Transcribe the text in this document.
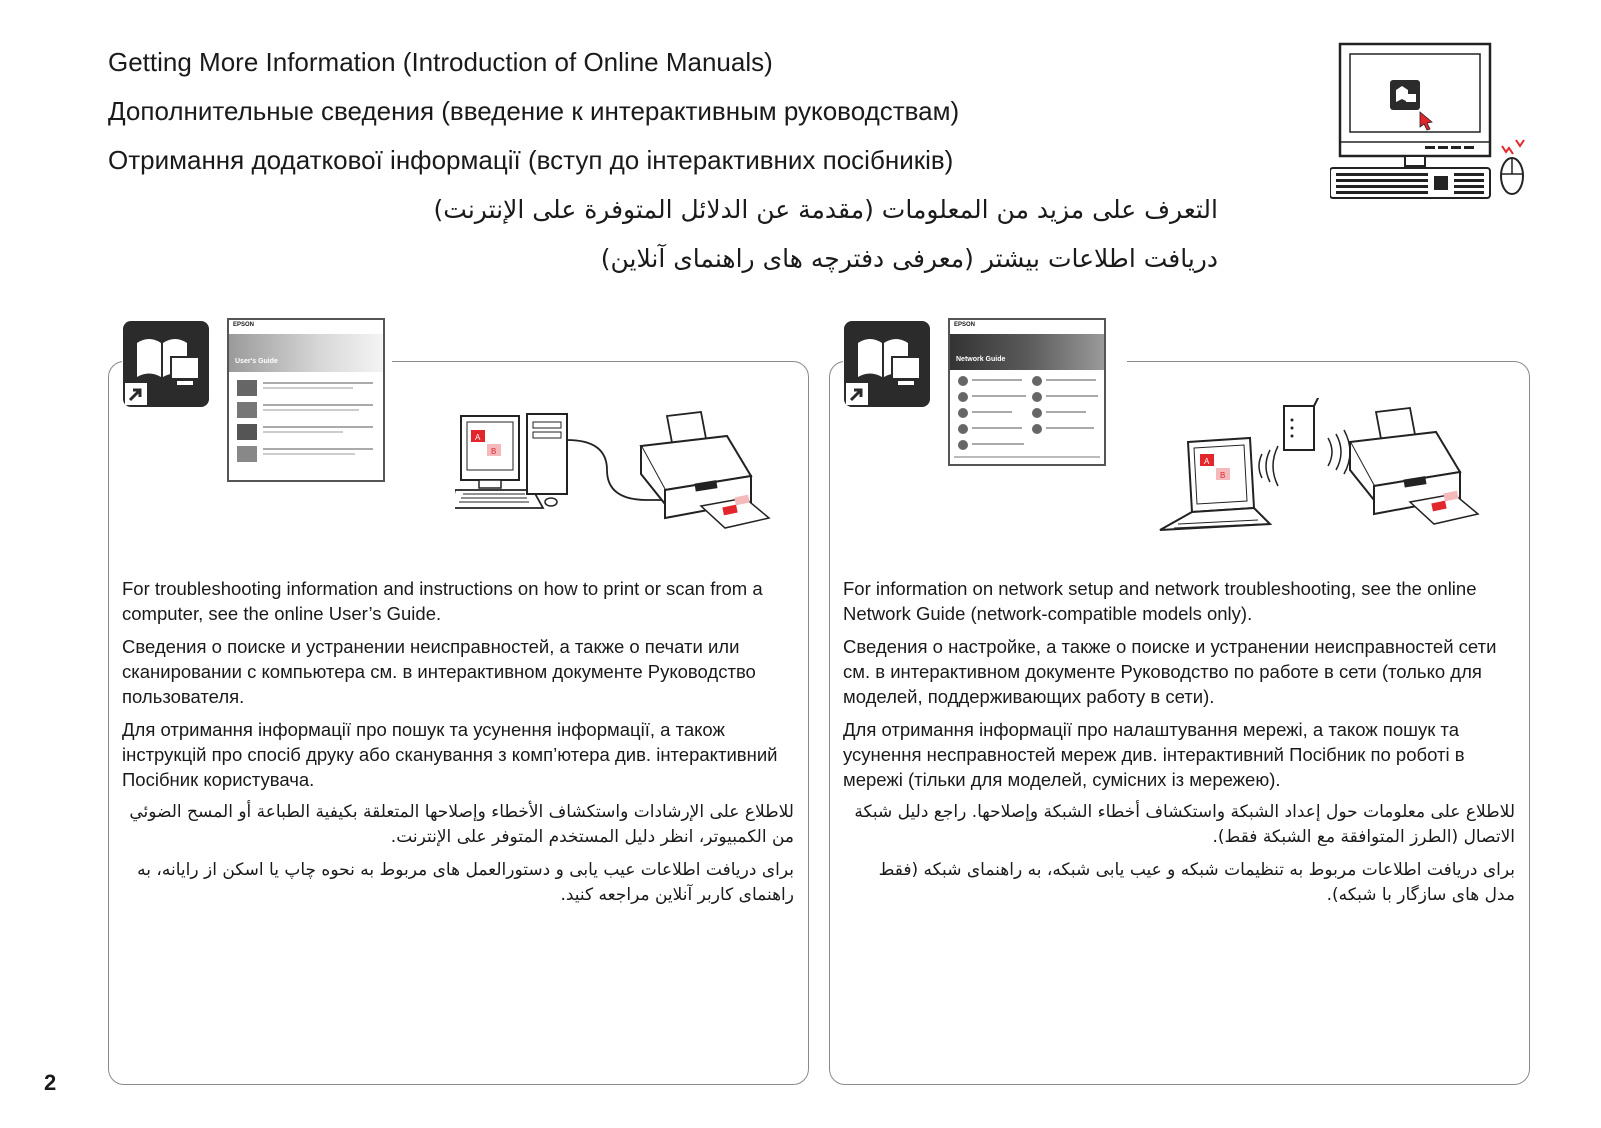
Getting More Information (Introduction of Online Manuals)
Дополнительные сведения (введение к интерактивным руководствам)
Отримання додаткової інформації (вступ до інтерактивних посібників)
التعرف على مزيد من المعلومات (مقدمة عن الدلائل المتوفرة على الإنترنت)
دریافت اطلاعات بیشتر (معرفی دفترچه های راهنمای آنلاین)
EPSON
User's Guide
A
B

For troubleshooting information and instructions on how to print or scan from a computer, see the online User’s Guide.

Сведения о поиске и устранении неисправностей, а также о печати или сканировании с компьютера см. в интерактивном документе Руководство пользователя.

Для отримання інформації про пошук та усунення інформації, а також інструкцій про спосіб друку або сканування з комп’ютера див. інтерактивний Посібник користувача.

للاطلاع على الإرشادات واستكشاف الأخطاء وإصلاحها المتعلقة بكيفية الطباعة أو المسح الضوئي من الكمبيوتر، انظر دليل المستخدم المتوفر على الإنترنت.

برای دریافت اطلاعات عیب یابی و دستورالعمل های مربوط به نحوه چاپ یا اسکن از رایانه، به راهنمای کاربر آنلاین مراجعه کنید.

EPSON
Network Guide
A
B

For information on network setup and network troubleshooting, see the online Network Guide (network-compatible models only).

Сведения о настройке, а также о поиске и устранении неисправностей сети см. в интерактивном документе Руководство по работе в сети (только для моделей, поддерживающих работу в сети).

Для отримання інформації про налаштування мережі, а також пошук та усунення несправностей мереж див. інтерактивний Посібник по роботі в мережі (тільки для моделей, сумісних із мережею).

للاطلاع على معلومات حول إعداد الشبكة واستكشاف أخطاء الشبكة وإصلاحها. راجع دليل شبكة الاتصال (الطرز المتوافقة مع الشبكة فقط).

برای دریافت اطلاعات مربوط به تنظیمات شبکه و عیب یابی شبکه، به راهنمای شبکه (فقط مدل های سازگار با شبکه).

2
